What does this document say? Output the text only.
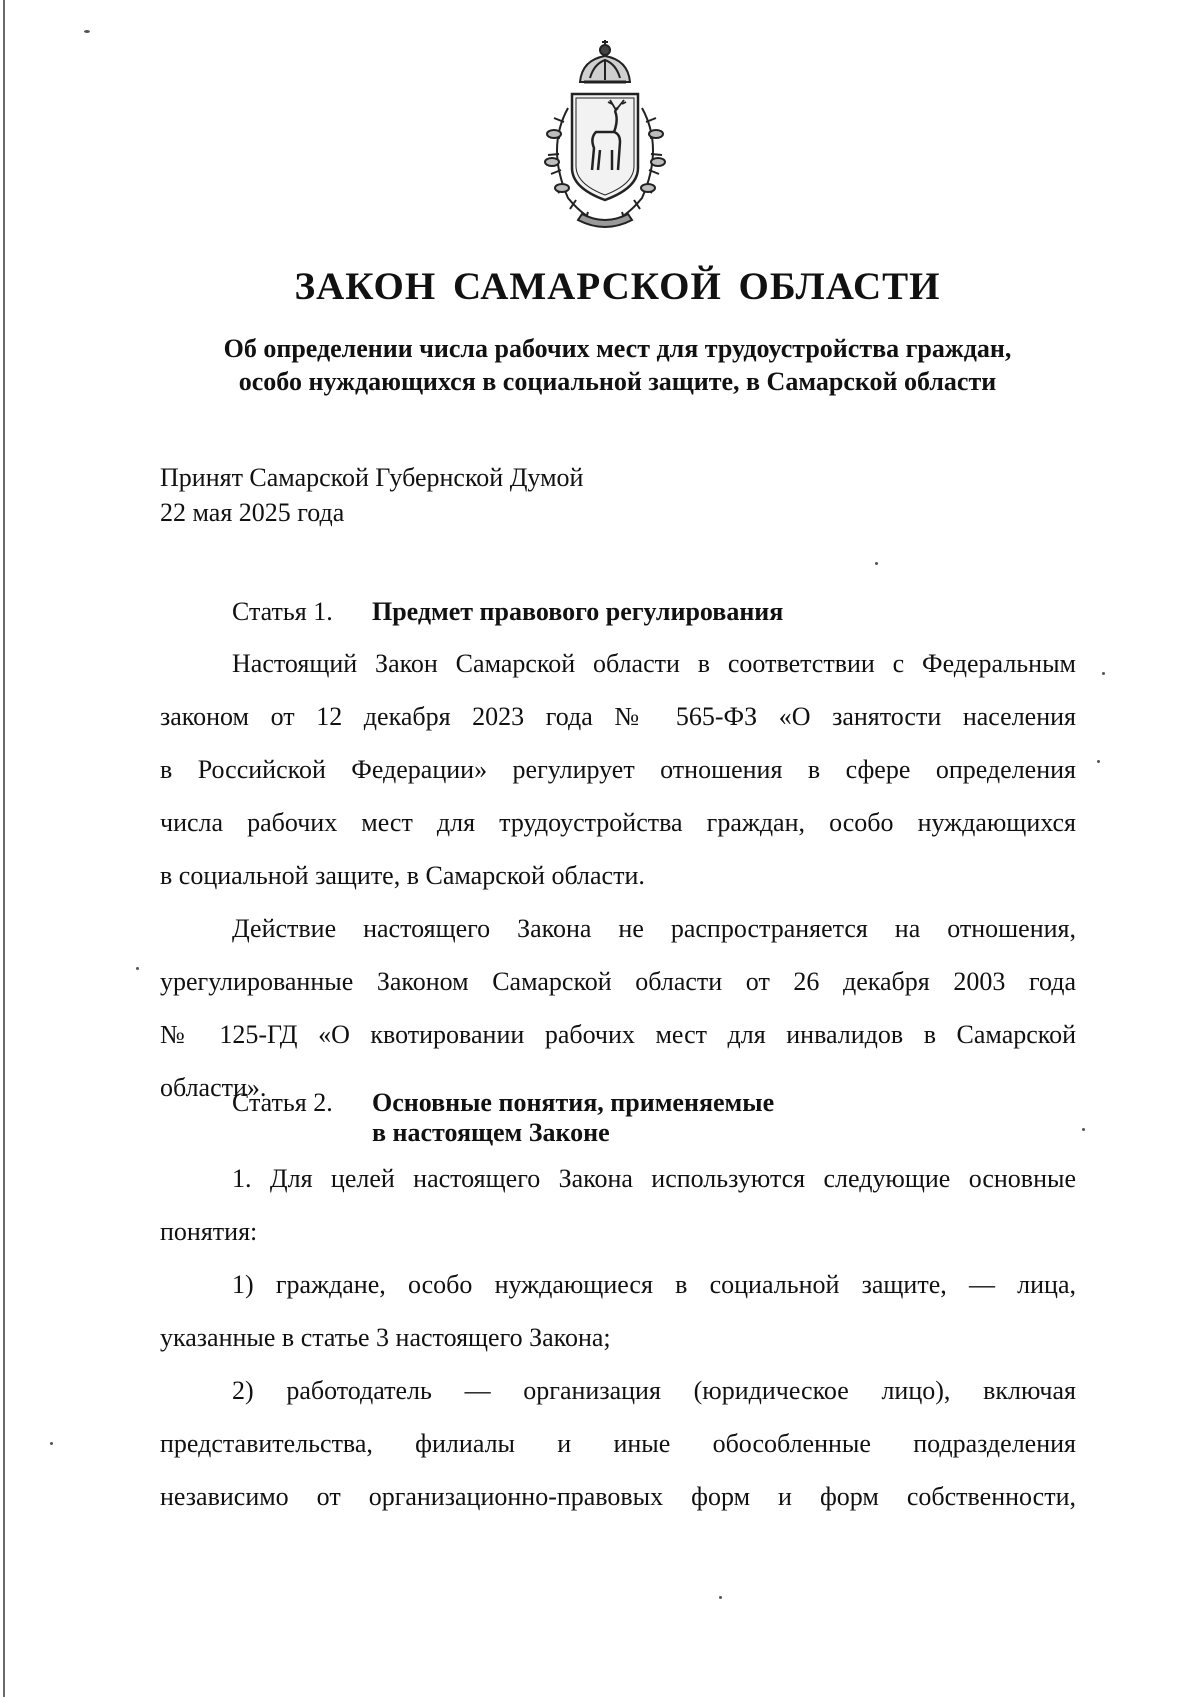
ЗАКОН САМАРСКОЙ ОБЛАСТИ
Об определении числа рабочих мест для трудоустройства граждан,
особо нуждающихся в социальной защите, в Самарской области
Принят Самарской Губернской Думой
22 мая 2025 года
Статья 1. Предмет правового регулирования
Настоящий Закон Самарской области в соответствии с Федеральным
законом от 12 декабря 2023 года № 565-ФЗ «О занятости населения
в Российской Федерации» регулирует отношения в сфере определения
числа рабочих мест для трудоустройства граждан, особо нуждающихся
в социальной защите, в Самарской области.
Действие настоящего Закона не распространяется на отношения,
урегулированные Законом Самарской области от 26 декабря 2003 года
№ 125-ГД «О квотировании рабочих мест для инвалидов в Самарской
области».
Статья 2. Основные понятия, применяемые
в настоящем Законе
1. Для целей настоящего Закона используются следующие основные
понятия:
1) граждане, особо нуждающиеся в социальной защите, — лица,
указанные в статье 3 настоящего Закона;
2) работодатель — организация (юридическое лицо), включая
представительства, филиалы и иные обособленные подразделения
независимо от организационно-правовых форм и форм собственности,
